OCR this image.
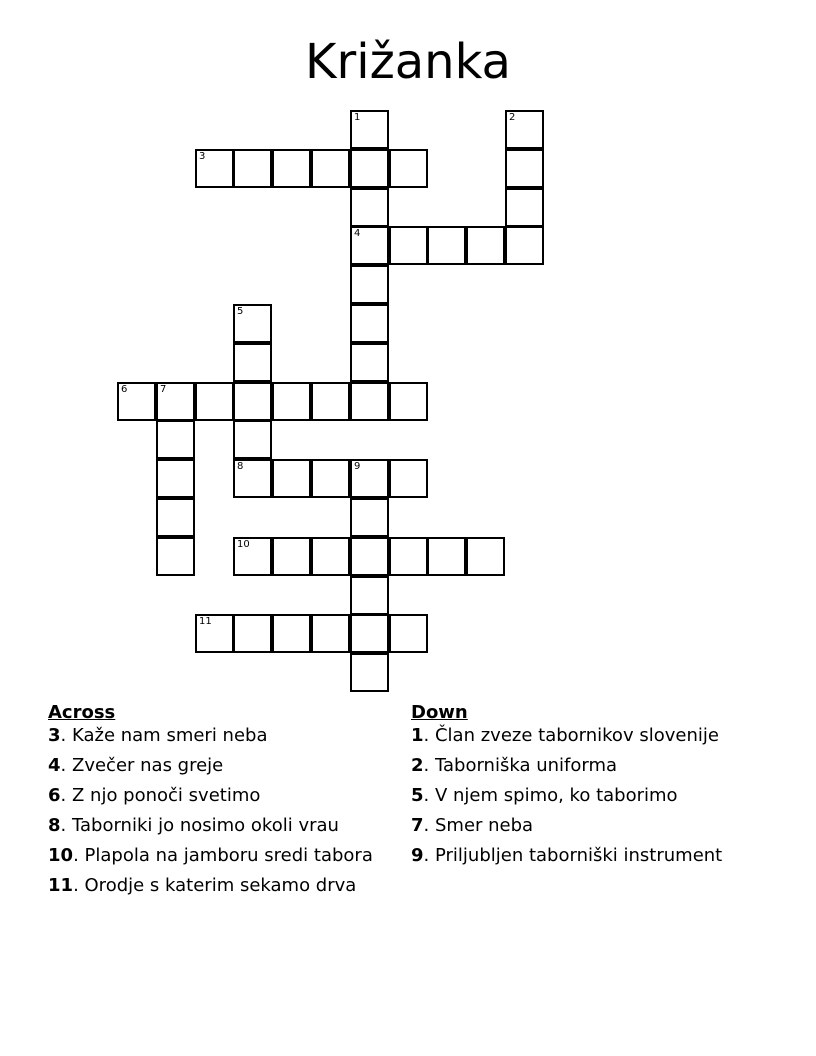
Križanka
1
4
2
3
5
6	7
8	9
10
11
Across
3. Kaže nam smeri neba
4. Zvečer nas greje
6. Z njo ponoči svetimo
8. Taborniki jo nosimo okoli vrau
10. Plapola na jamboru sredi tabora
11. Orodje s katerim sekamo drva
Down
1. Član zveze tabornikov slovenije
2. Taborniška uniforma
5. V njem spimo, ko taborimo
7. Smer neba
9. Priljubljen taborniški instrument
